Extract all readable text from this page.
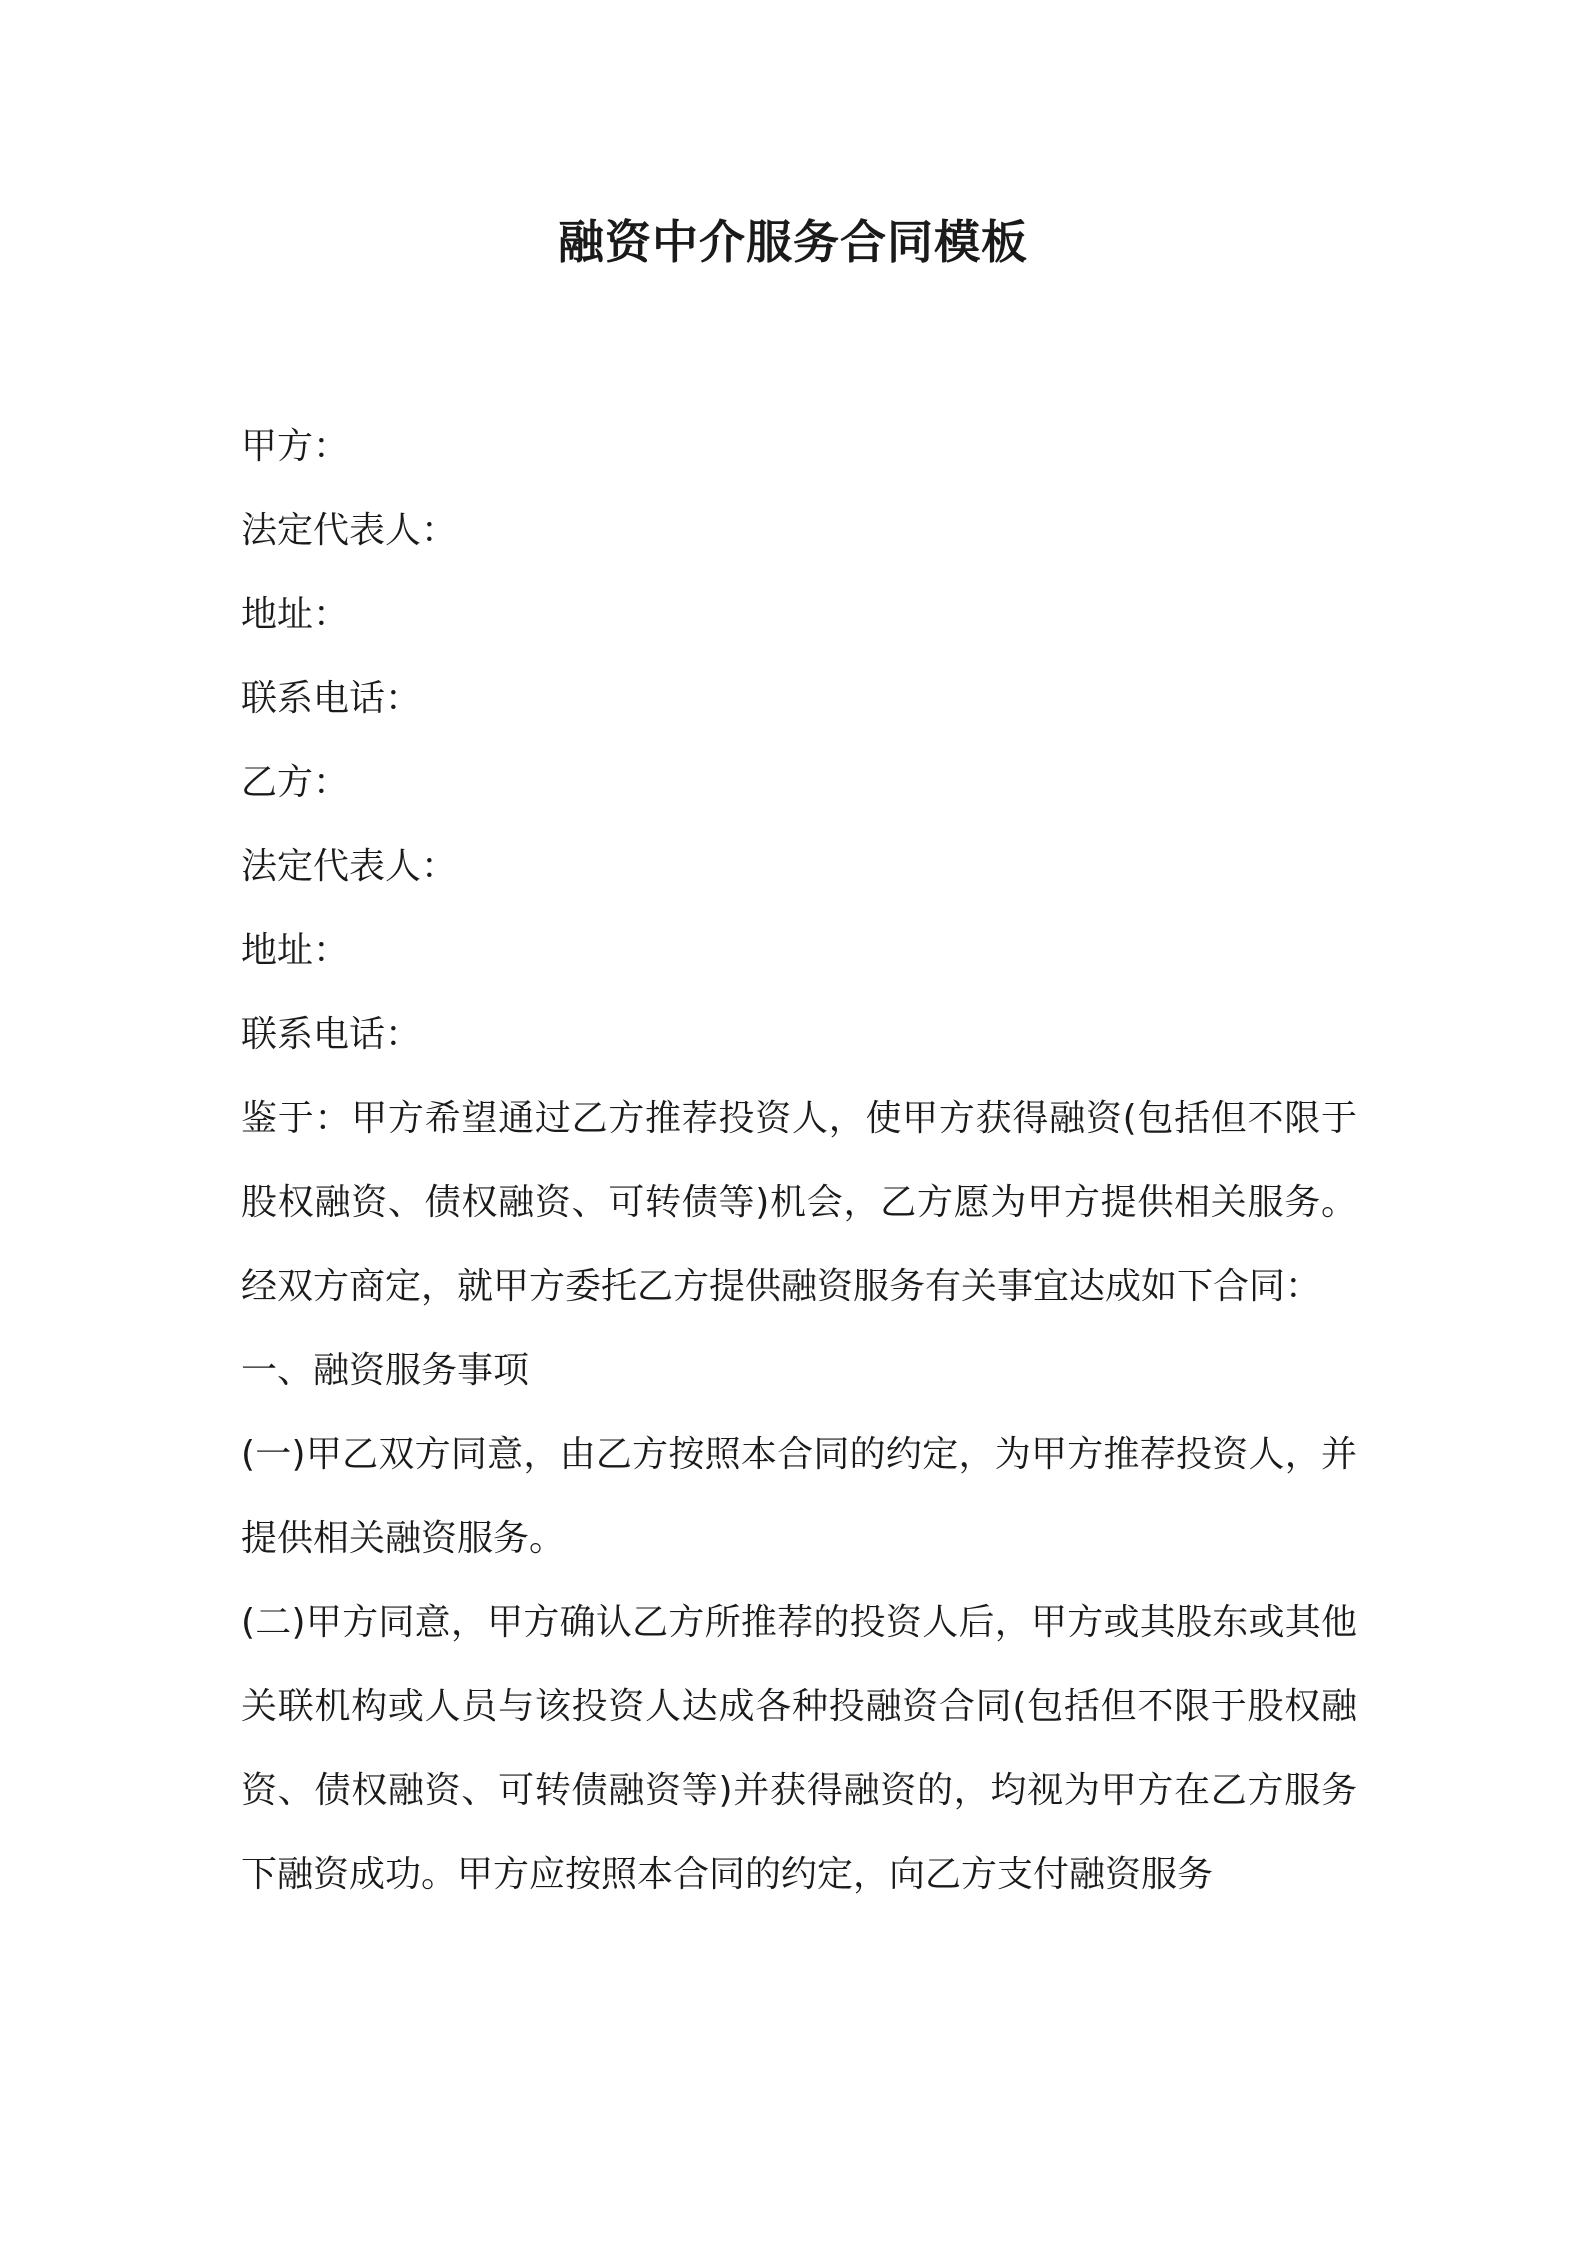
融资中介服务合同模板
甲方：
法定代表人：
地址：
联系电话：
乙方：
法定代表人：
地址：
联系电话：
鉴于：甲方希望通过乙方推荐投资人，使甲方获得融资(包括但不限于股权融资、债权融资、可转债等)机会，乙方愿为甲方提供相关服务。经双方商定，就甲方委托乙方提供融资服务有关事宜达成如下合同：
一、融资服务事项
(一)甲乙双方同意，由乙方按照本合同的约定，为甲方推荐投资人，并提供相关融资服务。
(二)甲方同意，甲方确认乙方所推荐的投资人后，甲方或其股东或其他关联机构或人员与该投资人达成各种投融资合同(包括但不限于股权融资、债权融资、可转债融资等)并获得融资的，均视为甲方在乙方服务下融资成功。甲方应按照本合同的约定，向乙方支付融资服务
